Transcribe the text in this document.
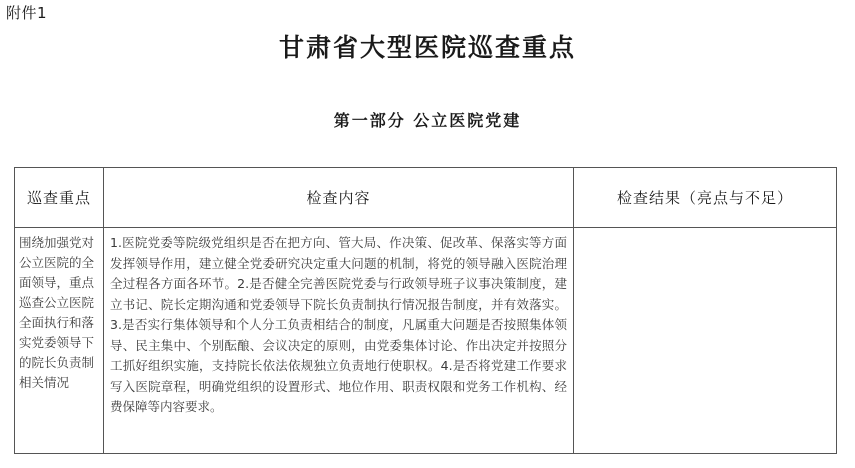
附件1
甘肃省大型医院巡查重点
第一部分 公立医院党建
巡查重点	检查内容	检查结果（亮点与不足）
围绕加强党对公立医院的全面领导，重点巡查公立医院全面执行和落实党委领导下的院长负责制相关情况	1.医院党委等院级党组织是否在把方向、管大局、作决策、促改革、保落实等方面发挥领导作用，建立健全党委研究决定重大问题的机制，将党的领导融入医院治理全过程各方面各环节。2.是否健全完善医院党委与行政领导班子议事决策制度，建立书记、院长定期沟通和党委领导下院长负责制执行情况报告制度，并有效落实。3.是否实行集体领导和个人分工负责相结合的制度，凡属重大问题是否按照集体领导、民主集中、个别酝酿、会议决定的原则，由党委集体讨论、作出决定并按照分工抓好组织实施，支持院长依法依规独立负责地行使职权。4.是否将党建工作要求写入医院章程，明确党组织的设置形式、地位作用、职责权限和党务工作机构、经费保障等内容要求。	
